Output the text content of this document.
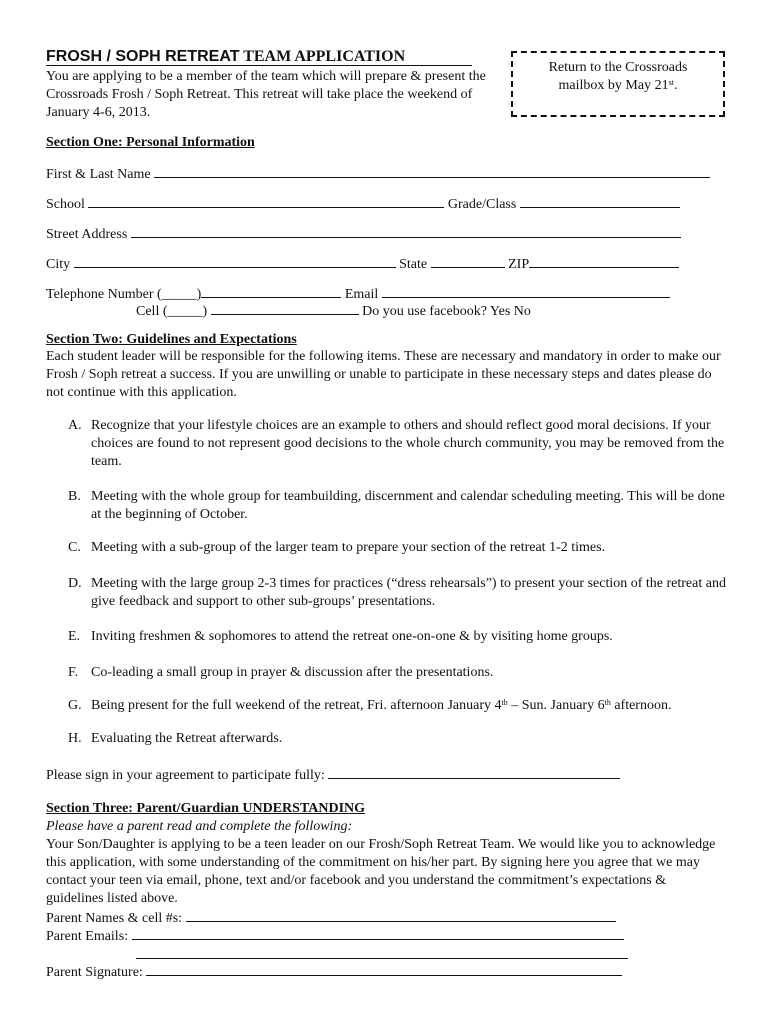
FROSH / SOPH RETREAT TEAM APPLICATION
You are applying to be a member of the team which will prepare & present the Crossroads Frosh / Soph Retreat. This retreat will take place the weekend of January 4-6, 2013.
Return to the Crossroads
mailbox by May 21st.
Section One: Personal Information
First & Last Name
School	Grade/Class
Street Address
City	State	ZIP
Telephone Number (_____)	Email
Cell (_____)	Do you use facebook? Yes No
Section Two: Guidelines and Expectations
Each student leader will be responsible for the following items. These are necessary and mandatory in order to make our Frosh / Soph retreat a success. If you are unwilling or unable to participate in these necessary steps and dates please do not continue with this application.
A. Recognize that your lifestyle choices are an example to others and should reflect good moral decisions. If your choices are found to not represent good decisions to the whole church community, you may be removed from the team.
B. Meeting with the whole group for teambuilding, discernment and calendar scheduling meeting. This will be done at the beginning of October.
C. Meeting with a sub-group of the larger team to prepare your section of the retreat 1-2 times.
D. Meeting with the large group 2-3 times for practices (“dress rehearsals”) to present your section of the retreat and give feedback and support to other sub-groups’ presentations.
E. Inviting freshmen & sophomores to attend the retreat one-on-one & by visiting home groups.
F. Co-leading a small group in prayer & discussion after the presentations.
G. Being present for the full weekend of the retreat, Fri. afternoon January 4th – Sun. January 6th afternoon.
H. Evaluating the Retreat afterwards.
Please sign in your agreement to participate fully:
Section Three: Parent/Guardian UNDERSTANDING
Please have a parent read and complete the following:
Your Son/Daughter is applying to be a teen leader on our Frosh/Soph Retreat Team. We would like you to acknowledge this application, with some understanding of the commitment on his/her part. By signing here you agree that we may contact your teen via email, phone, text and/or facebook and you understand the commitment’s expectations & guidelines listed above.
Parent Names & cell #s:
Parent Emails:
Parent Signature:
